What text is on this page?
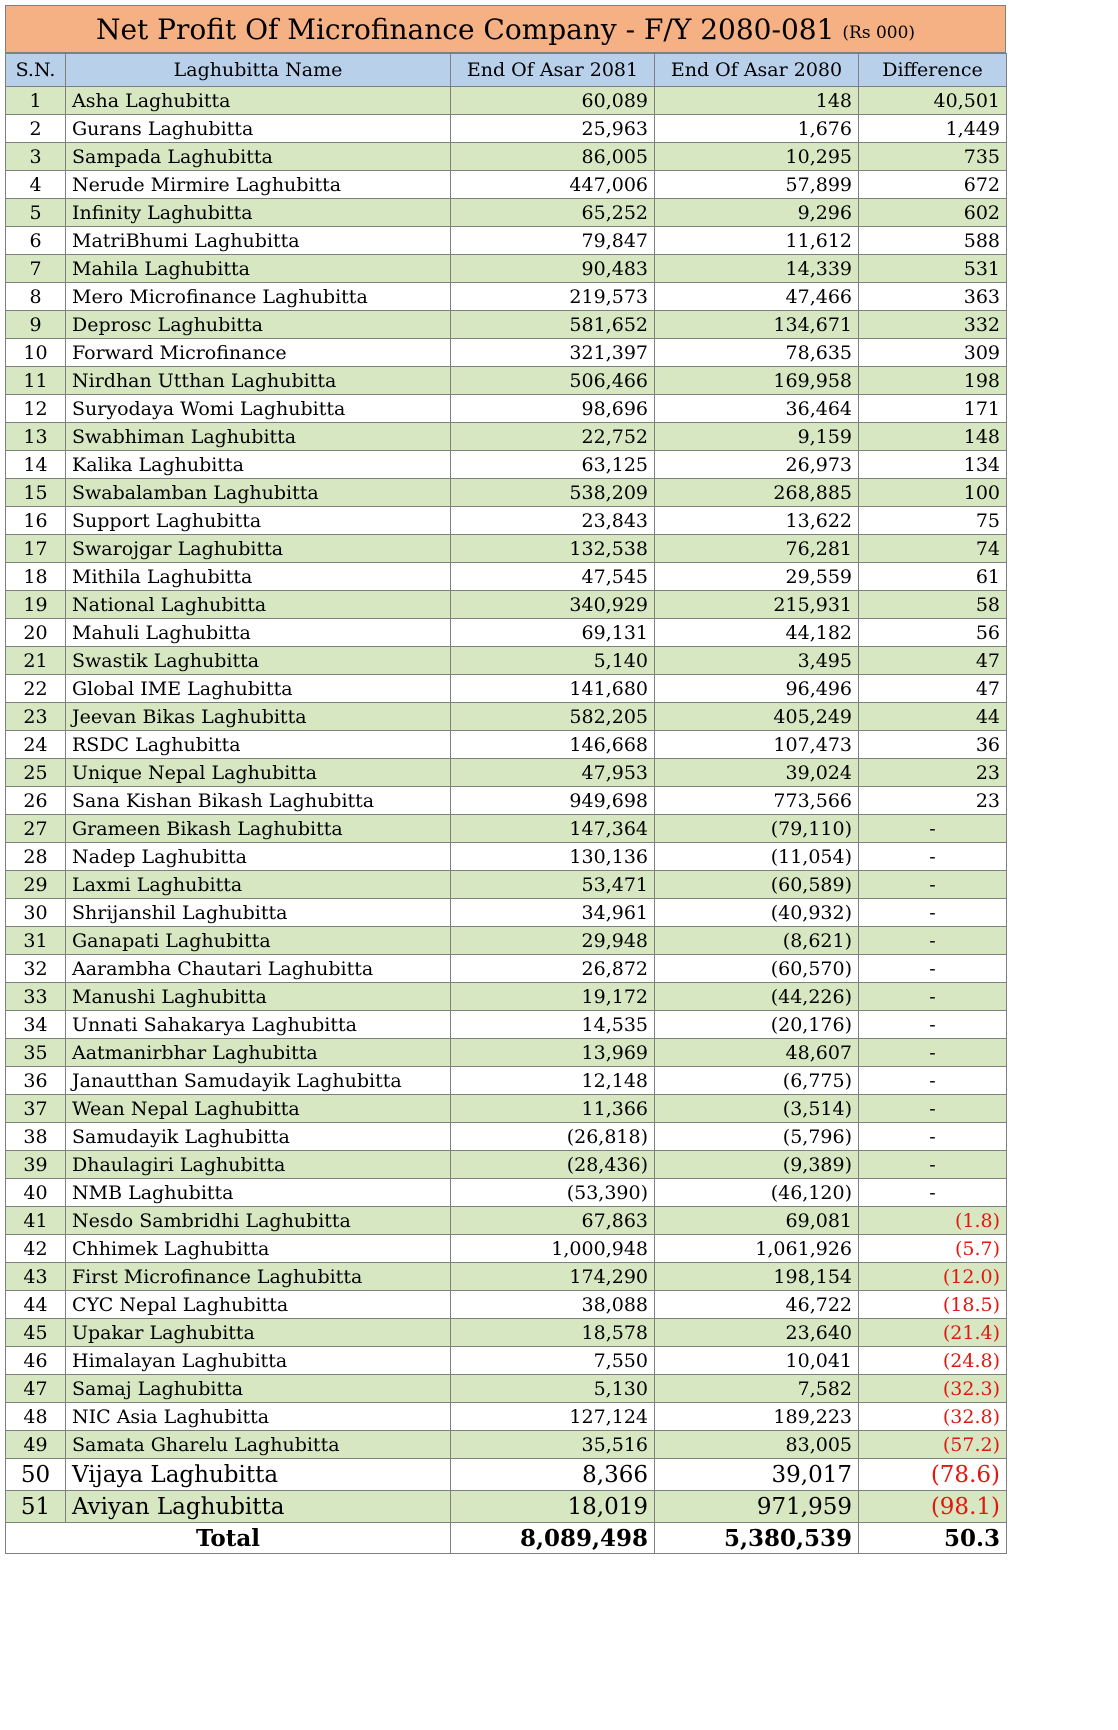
Net Profit Of Microfinance Company - F/Y 2080-081 (Rs 000)
S.N.	Laghubitta Name	End Of Asar 2081	End Of Asar 2080	Difference
1	Asha Laghubitta	60,089	148	40,501
2	Gurans Laghubitta	25,963	1,676	1,449
3	Sampada Laghubitta	86,005	10,295	735
4	Nerude Mirmire Laghubitta	447,006	57,899	672
5	Infinity Laghubitta	65,252	9,296	602
6	MatriBhumi Laghubitta	79,847	11,612	588
7	Mahila Laghubitta	90,483	14,339	531
8	Mero Microfinance Laghubitta	219,573	47,466	363
9	Deprosc Laghubitta	581,652	134,671	332
10	Forward Microfinance	321,397	78,635	309
11	Nirdhan Utthan Laghubitta	506,466	169,958	198
12	Suryodaya Womi Laghubitta	98,696	36,464	171
13	Swabhiman Laghubitta	22,752	9,159	148
14	Kalika Laghubitta	63,125	26,973	134
15	Swabalamban Laghubitta	538,209	268,885	100
16	Support Laghubitta	23,843	13,622	75
17	Swarojgar Laghubitta	132,538	76,281	74
18	Mithila Laghubitta	47,545	29,559	61
19	National Laghubitta	340,929	215,931	58
20	Mahuli Laghubitta	69,131	44,182	56
21	Swastik Laghubitta	5,140	3,495	47
22	Global IME Laghubitta	141,680	96,496	47
23	Jeevan Bikas Laghubitta	582,205	405,249	44
24	RSDC Laghubitta	146,668	107,473	36
25	Unique Nepal Laghubitta	47,953	39,024	23
26	Sana Kishan Bikash Laghubitta	949,698	773,566	23
27	Grameen Bikash Laghubitta	147,364	(79,110)	-
28	Nadep Laghubitta	130,136	(11,054)	-
29	Laxmi Laghubitta	53,471	(60,589)	-
30	Shrijanshil Laghubitta	34,961	(40,932)	-
31	Ganapati Laghubitta	29,948	(8,621)	-
32	Aarambha Chautari Laghubitta	26,872	(60,570)	-
33	Manushi Laghubitta	19,172	(44,226)	-
34	Unnati Sahakarya Laghubitta	14,535	(20,176)	-
35	Aatmanirbhar Laghubitta	13,969	48,607	-
36	Janautthan Samudayik Laghubitta	12,148	(6,775)	-
37	Wean Nepal Laghubitta	11,366	(3,514)	-
38	Samudayik Laghubitta	(26,818)	(5,796)	-
39	Dhaulagiri Laghubitta	(28,436)	(9,389)	-
40	NMB Laghubitta	(53,390)	(46,120)	-
41	Nesdo Sambridhi Laghubitta	67,863	69,081	(1.8)
42	Chhimek Laghubitta	1,000,948	1,061,926	(5.7)
43	First Microfinance Laghubitta	174,290	198,154	(12.0)
44	CYC Nepal Laghubitta	38,088	46,722	(18.5)
45	Upakar Laghubitta	18,578	23,640	(21.4)
46	Himalayan Laghubitta	7,550	10,041	(24.8)
47	Samaj Laghubitta	5,130	7,582	(32.3)
48	NIC Asia Laghubitta	127,124	189,223	(32.8)
49	Samata Gharelu Laghubitta	35,516	83,005	(57.2)
50	Vijaya Laghubitta	8,366	39,017	(78.6)
51	Aviyan Laghubitta	18,019	971,959	(98.1)
Total		8,089,498	5,380,539	50.3
